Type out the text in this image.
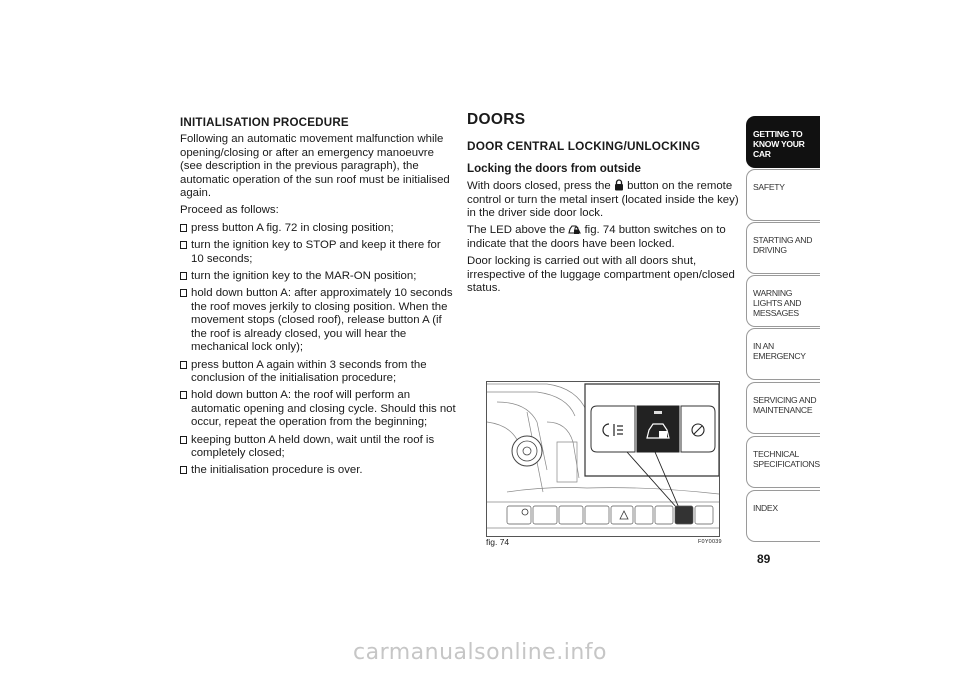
INITIALISATION PROCEDURE

Following an automatic movement malfunction while opening/closing or after an emergency manoeuvre (see description in the previous paragraph), the automatic operation of the sun roof must be initialised again.

Proceed as follows:

press button A fig. 72 in closing position;
turn the ignition key to STOP and keep it there for 10 seconds;
turn the ignition key to the MAR-ON position;
hold down button A: after approximately 10 seconds the roof moves jerkily to closing position. When the movement stops (closed roof), release button A (if the roof is already closed, you will hear the mechanical lock only);
press button A again within 3 seconds from the conclusion of the initialisation procedure;
hold down button A: the roof will perform an automatic opening and closing cycle. Should this not occur, repeat the operation from the beginning;
keeping button A held down, wait until the roof is completely closed;
the initialisation procedure is over.
DOORS
DOOR CENTRAL LOCKING/UNLOCKING
Locking the doors from outside

With doors closed, press the button on the remote control or turn the metal insert (located inside the key) in the driver side door lock.

The LED above the fig. 74 button switches on to indicate that the doors have been locked.

Door locking is carried out with all doors shut, irrespective of the luggage compartment open/closed status.

fig. 74	F0Y0039
GETTING TO KNOW YOUR CAR
SAFETY
STARTING AND DRIVING
WARNING LIGHTS AND MESSAGES
IN AN EMERGENCY
SERVICING AND MAINTENANCE
TECHNICAL SPECIFICATIONS
INDEX
89
carmanualsonline.info
